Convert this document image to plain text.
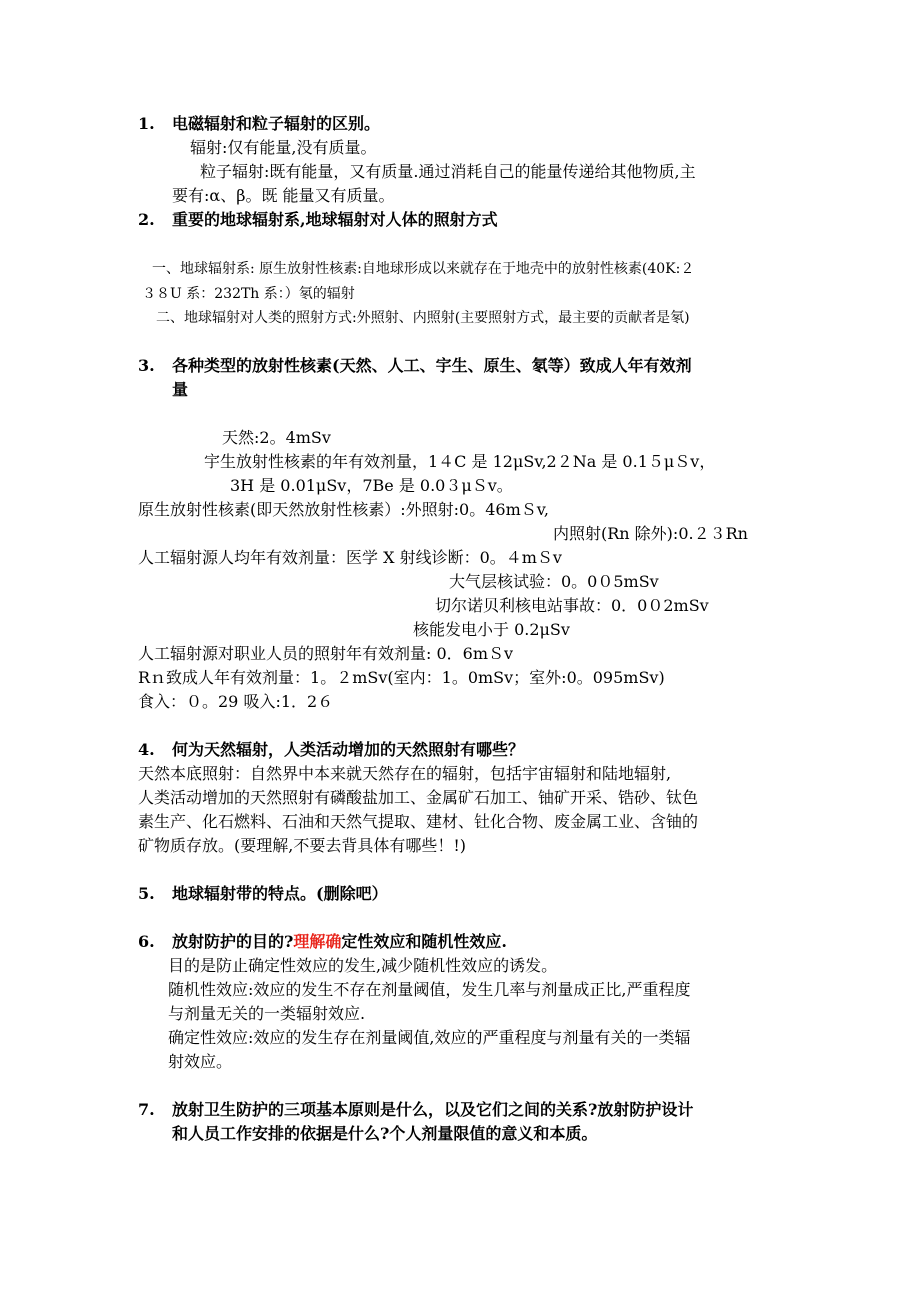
1. 电磁辐射和粒子辐射的区别。
辐射:仅有能量,没有质量。
粒子辐射:既有能量，又有质量.通过消耗自己的能量传递给其他物质,主
要有:α、β。既 能量又有质量。
2. 重要的地球辐射系,地球辐射对人体的照射方式
一、地球辐射系: 原生放射性核素:自地球形成以来就存在于地壳中的放射性核素(40K:２
３８U 系：232Th 系：）氡的辐射
二、地球辐射对人类的照射方式:外照射、内照射(主要照射方式，最主要的贡献者是氡)
3. 各种类型的放射性核素(天然、人工、宇生、原生、氡等）致成人年有效剂
量
天然:2。4mSv
宇生放射性核素的年有效剂量，1４C 是 12μSv,2２Na 是 0.1５μＳv，
3H 是 0.01μSv，7Be 是 0.0３μＳv。
原生放射性核素(即天然放射性核素）:外照射:0。46mＳv,
内照射(Rn 除外):0.２３Rn
人工辐射源人均年有效剂量：医学 X 射线诊断：0。４mＳv
大气层核试验：0。0０5mSv
切尔诺贝利核电站事故：0．0０2mSv
核能发电小于 0.2μSv
人工辐射源对职业人员的照射年有效剂量: 0．6mＳv
Rｎ致成人年有效剂量：1。２mSv(室内：1。0mSv；室外:0。095mSv)
食入：０。29 吸入:1．2６
4. 何为天然辐射，人类活动增加的天然照射有哪些？
天然本底照射：自然界中本来就天然存在的辐射，包括宇宙辐射和陆地辐射,
人类活动增加的天然照射有磷酸盐加工、金属矿石加工、铀矿开采、锆砂、钛色
素生产、化石燃料、石油和天然气提取、建材、钍化合物、废金属工业、含铀的
矿物质存放。(要理解,不要去背具体有哪些！!)
5. 地球辐射带的特点。(删除吧）
6. 放射防护的目的?理解确定性效应和随机性效应.
目的是防止确定性效应的发生,减少随机性效应的诱发。
随机性效应:效应的发生不存在剂量阈值，发生几率与剂量成正比,严重程度
与剂量无关的一类辐射效应.
确定性效应:效应的发生存在剂量阈值,效应的严重程度与剂量有关的一类辐
射效应。
7. 放射卫生防护的三项基本原则是什么，以及它们之间的关系?放射防护设计
和人员工作安排的依据是什么?个人剂量限值的意义和本质。
